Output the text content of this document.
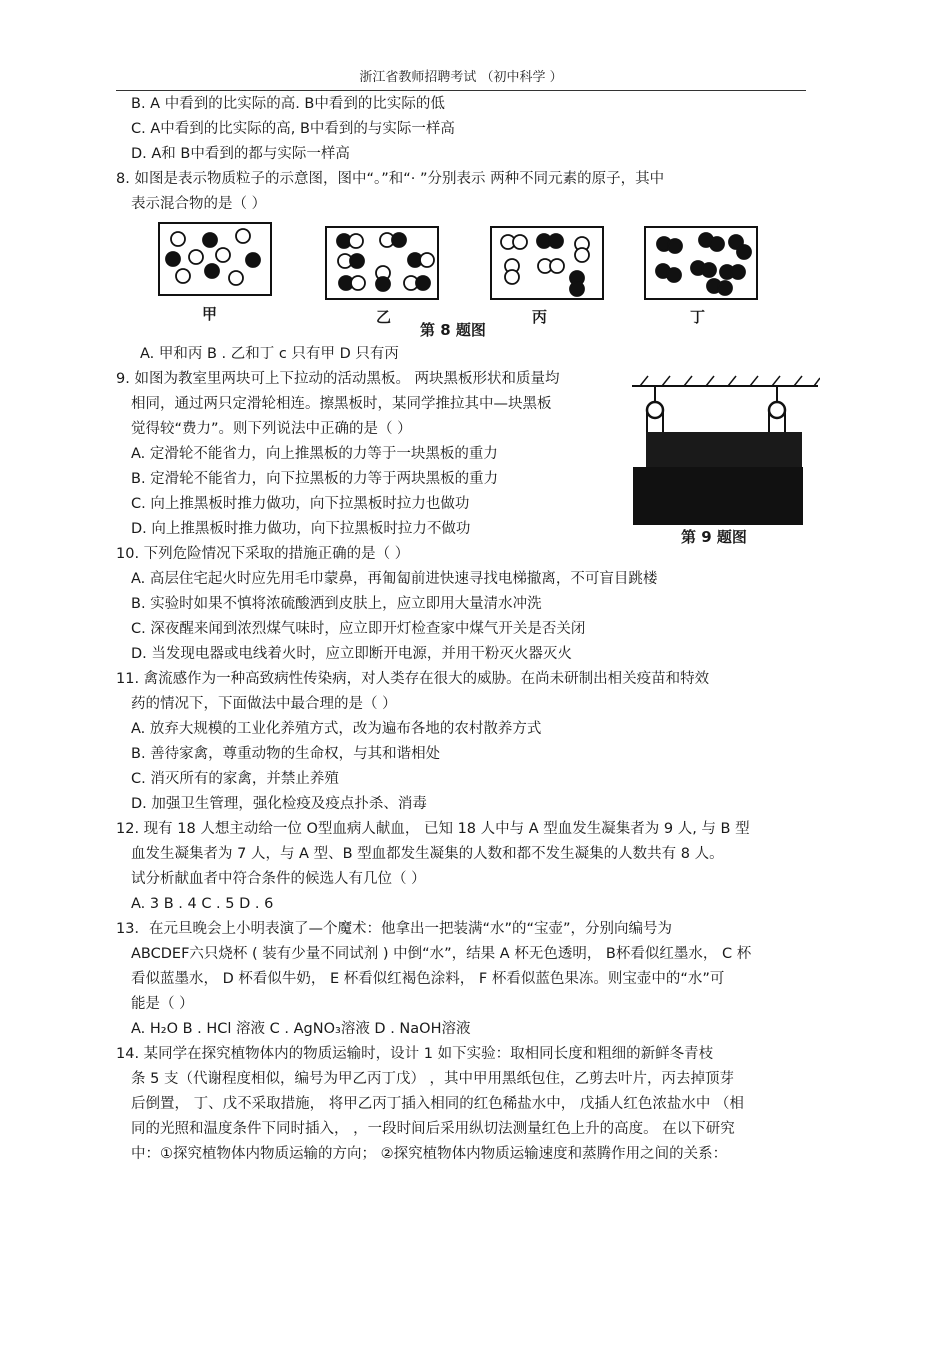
浙江省教师招聘考试 （初中科学 ）
B. A 中看到的比实际的高. B中看到的比实际的低
C. A中看到的比实际的高, B中看到的与实际一样高
D. A和 B中看到的都与实际一样高
8. 如图是表示物质粒子的示意图，图中“。”和“· ”分别表示 两种不同元素的原子，其中
表示混合物的是（ ）
甲	乙	丙	丁
第 8 题图
A. 甲和丙 B . 乙和丁 c 只有甲 D 只有丙
9. 如图为教室里两块可上下拉动的活动黑板。 两块黑板形状和质量均
相同，通过两只定滑轮相连。擦黑板时，某同学推拉其中—块黑板
觉得较“费力”。则下列说法中正确的是（ ）
A. 定滑轮不能省力，向上推黑板的力等于一块黑板的重力
B. 定滑轮不能省力，向下拉黑板的力等于两块黑板的重力
C. 向上推黑板时推力做功，向下拉黑板时拉力也做功
D. 向上推黑板时推力做功，向下拉黑板时拉力不做功	第 9 题图
10. 下列危险情况下采取的措施正确的是（ ）
A. 高层住宅起火时应先用毛巾蒙鼻，再匍匐前进快速寻找电梯撤离，不可盲目跳楼
B. 实验时如果不慎将浓硫酸洒到皮肤上，应立即用大量清水冲洗
C. 深夜醒来闻到浓烈煤气味时，应立即开灯检查家中煤气开关是否关闭
D. 当发现电器或电线着火时，应立即断开电源，并用干粉灭火器灭火
11. 禽流感作为一种高致病性传染病，对人类存在很大的威胁。在尚未研制出相关疫苗和特效
药的情况下，下面做法中最合理的是（ ）
A. 放弃大规模的工业化养殖方式，改为遍布各地的农村散养方式
B. 善待家禽，尊重动物的生命权，与其和谐相处
C. 消灭所有的家禽，并禁止养殖
D. 加强卫生管理，强化检疫及疫点扑杀、消毒
12. 现有 18 人想主动给一位 O型血病人献血， 已知 18 人中与 A 型血发生凝集者为 9 人, 与 B 型
血发生凝集者为 7 人，与 A 型、B 型血都发生凝集的人数和都不发生凝集的人数共有 8 人。
试分析献血者中符合条件的候选人有几位（ ）
A. 3 B . 4 C . 5 D . 6
13．在元旦晚会上小明表演了—个魔术：他拿出一把装满“水”的“宝壶”，分别向编号为
ABCDEF六只烧杯 ( 装有少量不同试剂 ) 中倒“水”，结果 A 杯无色透明， B杯看似红墨水， C 杯
看似蓝墨水， D 杯看似牛奶， E 杯看似红褐色涂料， F 杯看似蓝色果冻。则宝壶中的“水”可
能是（ ）
A. H₂O B . HCl 溶液 C . AgNO₃溶液 D . NaOH溶液
14. 某同学在探究植物体内的物质运输时，设计 1 如下实验：取相同长度和粗细的新鲜冬青枝
条 5 支（代谢程度相似，编号为甲乙丙丁戊） ，其中甲用黑纸包住，乙剪去叶片，丙去掉顶芽
后倒置， 丁、戊不采取措施， 将甲乙丙丁插入相同的红色稀盐水中， 戊插人红色浓盐水中 （相
同的光照和温度条件下同时插入， ，一段时间后采用纵切法测量红色上升的高度。 在以下研究
中：①探究植物体内物质运输的方向； ②探究植物体内物质运输速度和蒸腾作用之间的关系：
